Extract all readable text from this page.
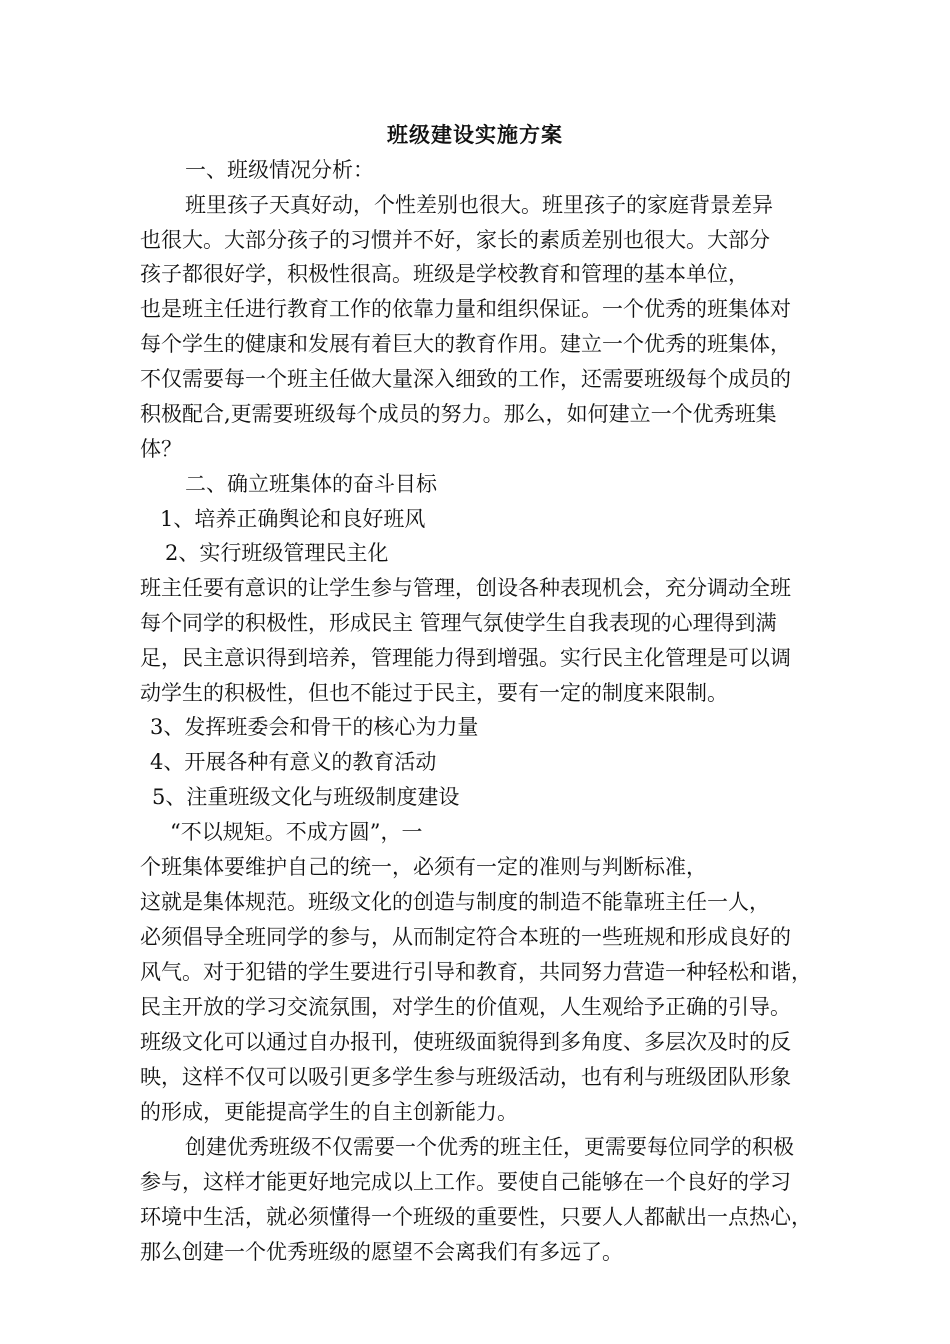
班级建设实施方案
一、班级情况分析：
班里孩子天真好动，个性差别也很大。班里孩子的家庭背景差异
也很大。大部分孩子的习惯并不好，家长的素质差别也很大。大部分
孩子都很好学，积极性很高。班级是学校教育和管理的基本单位，
也是班主任进行教育工作的依靠力量和组织保证。一个优秀的班集体对
每个学生的健康和发展有着巨大的教育作用。建立一个优秀的班集体，
不仅需要每一个班主任做大量深入细致的工作，还需要班级每个成员的
积极配合,更需要班级每个成员的努力。那么，如何建立一个优秀班集
体？
二、确立班集体的奋斗目标
1、培养正确舆论和良好班风
2、实行班级管理民主化
班主任要有意识的让学生参与管理，创设各种表现机会，充分调动全班
每个同学的积极性，形成民主 管理气氛使学生自我表现的心理得到满
足，民主意识得到培养，管理能力得到增强。实行民主化管理是可以调
动学生的积极性，但也不能过于民主，要有一定的制度来限制。
3、发挥班委会和骨干的核心为力量
4、开展各种有意义的教育活动
5、注重班级文化与班级制度建设
“不以规矩。不成方圆”，一
个班集体要维护自己的统一，必须有一定的准则与判断标准，
这就是集体规范。班级文化的创造与制度的制造不能靠班主任一人，
必须倡导全班同学的参与，从而制定符合本班的一些班规和形成良好的
风气。对于犯错的学生要进行引导和教育，共同努力营造一种轻松和谐，
民主开放的学习交流氛围，对学生的价值观，人生观给予正确的引导。
班级文化可以通过自办报刊，使班级面貌得到多角度、多层次及时的反
映，这样不仅可以吸引更多学生参与班级活动，也有利与班级团队形象
的形成，更能提高学生的自主创新能力。
创建优秀班级不仅需要一个优秀的班主任，更需要每位同学的积极
参与，这样才能更好地完成以上工作。要使自己能够在一个良好的学习
环境中生活，就必须懂得一个班级的重要性，只要人人都献出一点热心，
那么创建一个优秀班级的愿望不会离我们有多远了。
